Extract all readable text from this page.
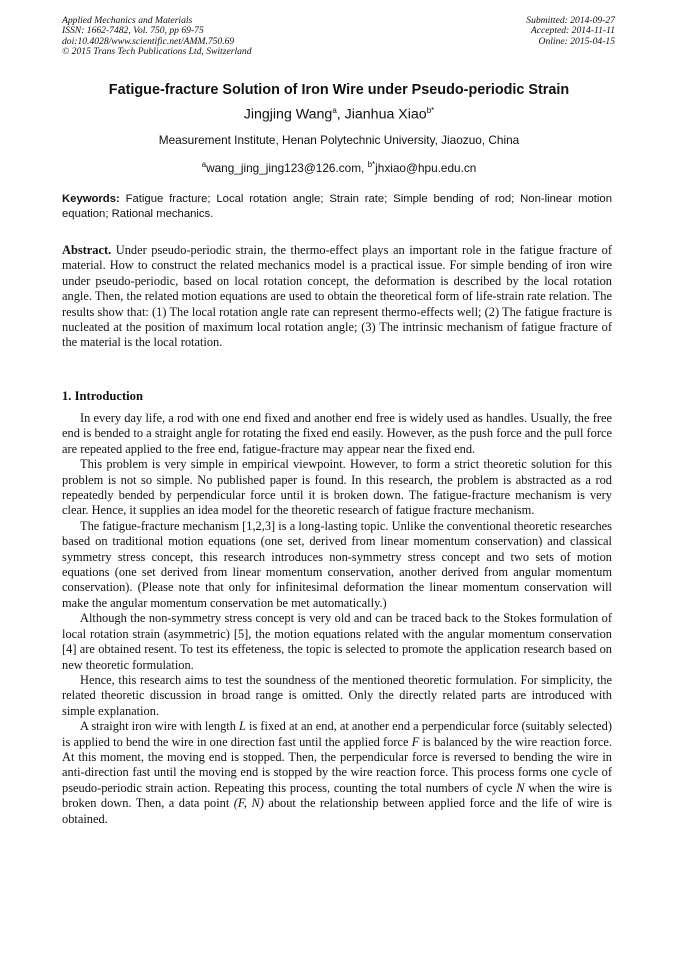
Applied Mechanics and Materials
ISSN: 1662-7482, Vol. 750, pp 69-75
doi:10.4028/www.scientific.net/AMM.750.69
© 2015 Trans Tech Publications Ltd, Switzerland
Submitted: 2014-09-27
Accepted: 2014-11-11
Online: 2015-04-15
Fatigue-fracture Solution of Iron Wire under Pseudo-periodic Strain
Jingjing Wang$^a$, Jianhua Xiao$^{b*}$
Measurement Institute, Henan Polytechnic University, Jiaozuo, China
$^a$wang_jing_jing123@126.com, $^{b*}$jhxiao@hpu.edu.cn
Keywords: Fatigue fracture; Local rotation angle; Strain rate; Simple bending of rod; Non-linear motion equation; Rational mechanics.
Abstract. Under pseudo-periodic strain, the thermo-effect plays an important role in the fatigue fracture of material. How to construct the related mechanics model is a practical issue. For simple bending of iron wire under pseudo-periodic, based on local rotation concept, the deformation is described by the local rotation angle. Then, the related motion equations are used to obtain the theoretical form of life-strain rate relation. The results show that: (1) The local rotation angle rate can represent thermo-effects well; (2) The fatigue fracture is nucleated at the position of maximum local rotation angle; (3) The intrinsic mechanism of fatigue fracture of the material is the local rotation.
1. Introduction

In every day life, a rod with one end fixed and another end free is widely used as handles. Usually, the free end is bended to a straight angle for rotating the fixed end easily. However, as the push force and the pull force are repeated applied to the free end, fatigue-fracture may appear near the fixed end.

This problem is very simple in empirical viewpoint. However, to form a strict theoretic solution for this problem is not so simple. No published paper is found. In this research, the problem is abstracted as a rod repeatedly bended by perpendicular force until it is broken down. The fatigue-fracture mechanism is very clear. Hence, it supplies an idea model for the theoretic research of fatigue fracture mechanism.

The fatigue-fracture mechanism [1,2,3] is a long-lasting topic. Unlike the conventional theoretic researches based on traditional motion equations (one set, derived from linear momentum conservation) and classical symmetry stress concept, this research introduces non-symmetry stress concept and two sets of motion equations (one set derived from linear momentum conservation, another derived from angular momentum conservation). (Please note that only for infinitesimal deformation the linear momentum conservation will make the angular momentum conservation be met automatically.)

Although the non-symmetry stress concept is very old and can be traced back to the Stokes formulation of local rotation strain (asymmetric) [5], the motion equations related with the angular momentum conservation [4] are obtained resent. To test its effeteness, the topic is selected to promote the application research based on new theoretic formulation.

Hence, this research aims to test the soundness of the mentioned theoretic formulation. For simplicity, the related theoretic discussion in broad range is omitted. Only the directly related parts are introduced with simple explanation.

A straight iron wire with length L is fixed at an end, at another end a perpendicular force (suitably selected) is applied to bend the wire in one direction fast until the applied force F is balanced by the wire reaction force. At this moment, the moving end is stopped. Then, the perpendicular force is reversed to bending the wire in anti-direction fast until the moving end is stopped by the wire reaction force. This process forms one cycle of pseudo-periodic strain action. Repeating this process, counting the total numbers of cycle N when the wire is broken down. Then, a data point (F, N) about the relationship between applied force and the life of wire is obtained.
